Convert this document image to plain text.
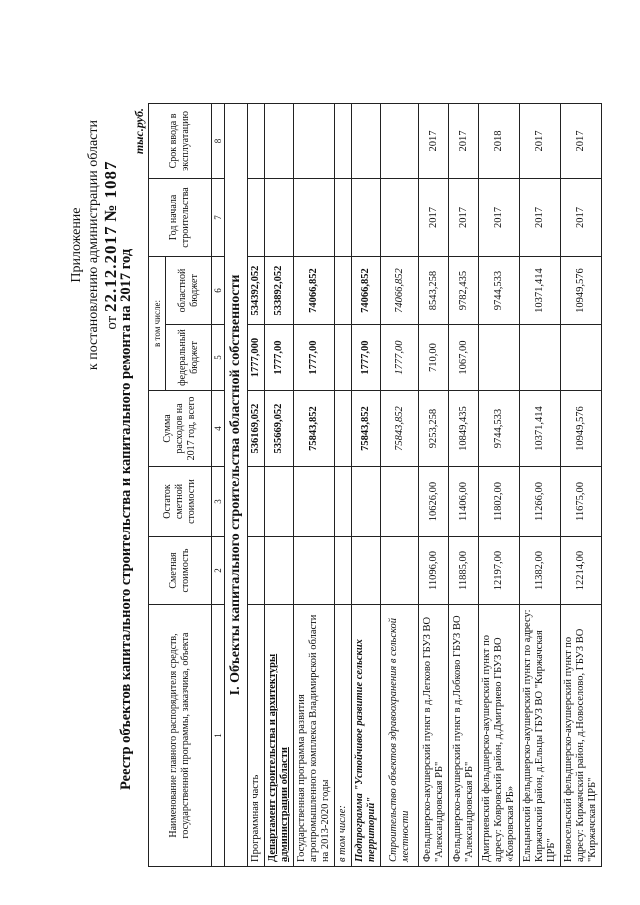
Приложение к постановлению администрации области от 22.12.2017 № 1087
Реестр объектов капитального строительства и капитального ремонта на 2017 год
тыс.руб.
Наименование главного распорядителя средств, государственной программы, заказчика, объекта	Сметная стоимость	Остаток сметной стоимости	Сумма расходов на 2017 год, всего	в том числе:		Год начала строительства	Срок ввода в эксплуатацию
				федеральный бюджет	областной бюджет		
1	2	3	4	5	6	7	8
I. Объекты капитального строительства областной собственности							
Программная часть			536169,052	1777,000	534392,052		
Департамент строительства и архитектуры администрации области			535669,052	1777,00	533892,052		
Государственная программа развития агропромышленного комплекса Владимирской области на 2013-2020 годы			75843,852	1777,00	74066,852		
в том числе:							
Подпрограмма "Устойчивое развитие сельских территорий"			75843,852	1777,00	74066,852		
Строительство объектов здравоохранения в сельской местности			75843,852	1777,00	74066,852		
Фельдшерско-акушерский пункт в д.Легково ГБУЗ ВО "Александровская РБ"	11096,00	10626,00	9253,258	710,00	8543,258	2017	2017
Фельдшерско-акушерский пункт в д.Лобково ГБУЗ ВО "Александровская РБ"	11885,00	11406,00	10849,435	1067,00	9782,435	2017	2017
Дмитриевский фельдшерско-акушерский пункт по адресу: Ковровский район, д.Дмитриево ГБУЗ ВО «Ковровская РБ»	12197,00	11802,00	9744,533		9744,533	2017	2018
Ельцынский фельдшерско-акушерский пункт по адресу: Киржачский район, д.Ельцы ГБУЗ ВО "Киржачская ЦРБ"	11382,00	11266,00	10371,414		10371,414	2017	2017
Новосельский фельдшерско-акушерский пункт по адресу: Киржачский район, д.Новоселово, ГБУЗ ВО "Киржачская ЦРБ"	12214,00	11675,00	10949,576		10949,576	2017	2017
